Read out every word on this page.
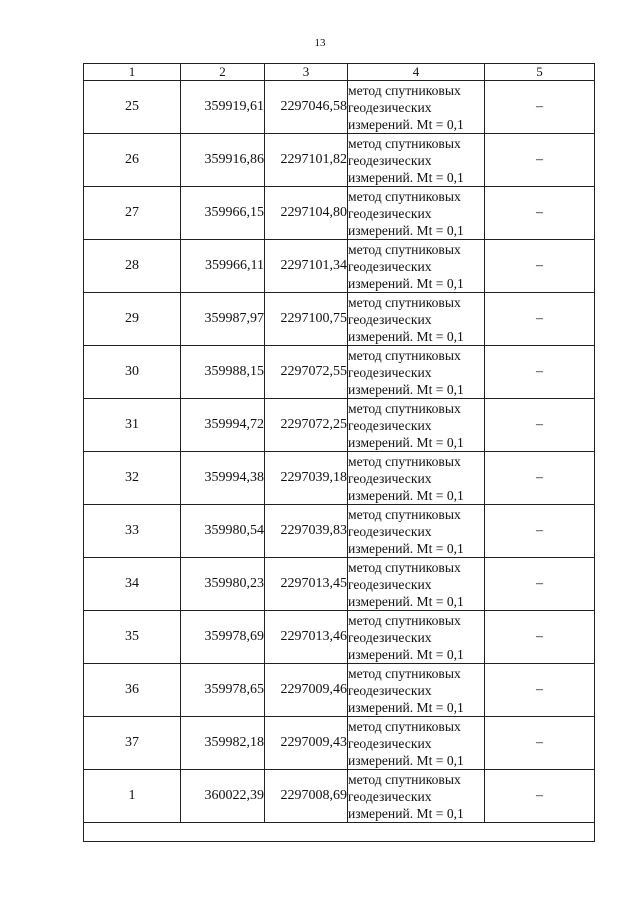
13
1	2	3	4	5
25	359919,61	2297046,58	метод спутниковых
геодезических
измерений. Mt = 0,1	–
26	359916,86	2297101,82	метод спутниковых
геодезических
измерений. Mt = 0,1	–
27	359966,15	2297104,80	метод спутниковых
геодезических
измерений. Mt = 0,1	–
28	359966,11	2297101,34	метод спутниковых
геодезических
измерений. Mt = 0,1	–
29	359987,97	2297100,75	метод спутниковых
геодезических
измерений. Mt = 0,1	–
30	359988,15	2297072,55	метод спутниковых
геодезических
измерений. Mt = 0,1	–
31	359994,72	2297072,25	метод спутниковых
геодезических
измерений. Mt = 0,1	–
32	359994,38	2297039,18	метод спутниковых
геодезических
измерений. Mt = 0,1	–
33	359980,54	2297039,83	метод спутниковых
геодезических
измерений. Mt = 0,1	–
34	359980,23	2297013,45	метод спутниковых
геодезических
измерений. Mt = 0,1	–
35	359978,69	2297013,46	метод спутниковых
геодезических
измерений. Mt = 0,1	–
36	359978,65	2297009,46	метод спутниковых
геодезических
измерений. Mt = 0,1	–
37	359982,18	2297009,43	метод спутниковых
геодезических
измерений. Mt = 0,1	–
1	360022,39	2297008,69	метод спутниковых
геодезических
измерений. Mt = 0,1	–
